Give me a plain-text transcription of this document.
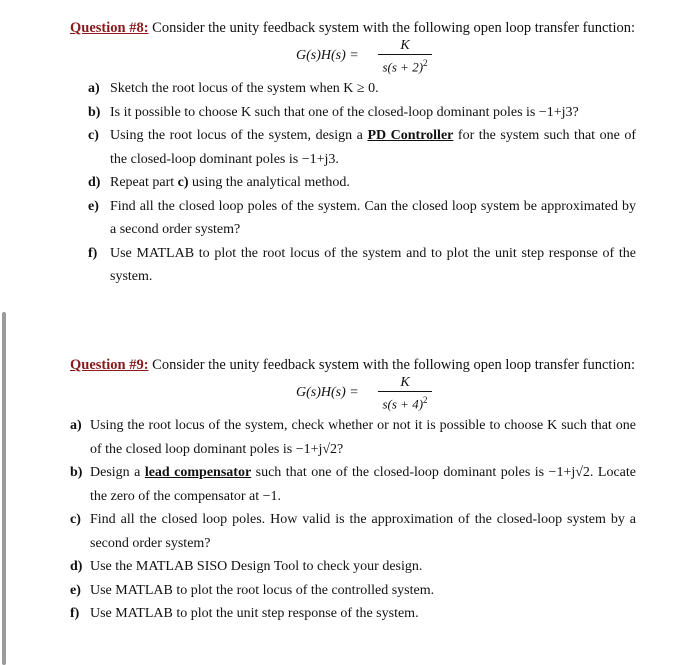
Question #8: Consider the unity feedback system with the following open loop transfer function:
G(s)H(s) =
K
$s(s + 2)^2$
a) Sketch the root locus of the system when K ≥ 0.
b) Is it possible to choose K such that one of the closed-loop dominant poles is −1+j3?
c) Using the root locus of the system, design a PD Controller for the system such that one of the closed-loop dominant poles is −1+j3.
d) Repeat part c) using the analytical method.
e) Find all the closed loop poles of the system. Can the closed loop system be approximated by a second order system?
f) Use MATLAB to plot the root locus of the system and to plot the unit step response of the system.
Question #9: Consider the unity feedback system with the following open loop transfer function:
G(s)H(s) =
K
$s(s + 4)^2$
a) Using the root locus of the system, check whether or not it is possible to choose K such that one of the closed loop dominant poles is −1+j√2?
b) Design a lead compensator such that one of the closed-loop dominant poles is −1+j√2. Locate the zero of the compensator at −1.
c) Find all the closed loop poles. How valid is the approximation of the closed-loop system by a second order system?
d) Use the MATLAB SISO Design Tool to check your design.
e) Use MATLAB to plot the root locus of the controlled system.
f) Use MATLAB to plot the unit step response of the system.
